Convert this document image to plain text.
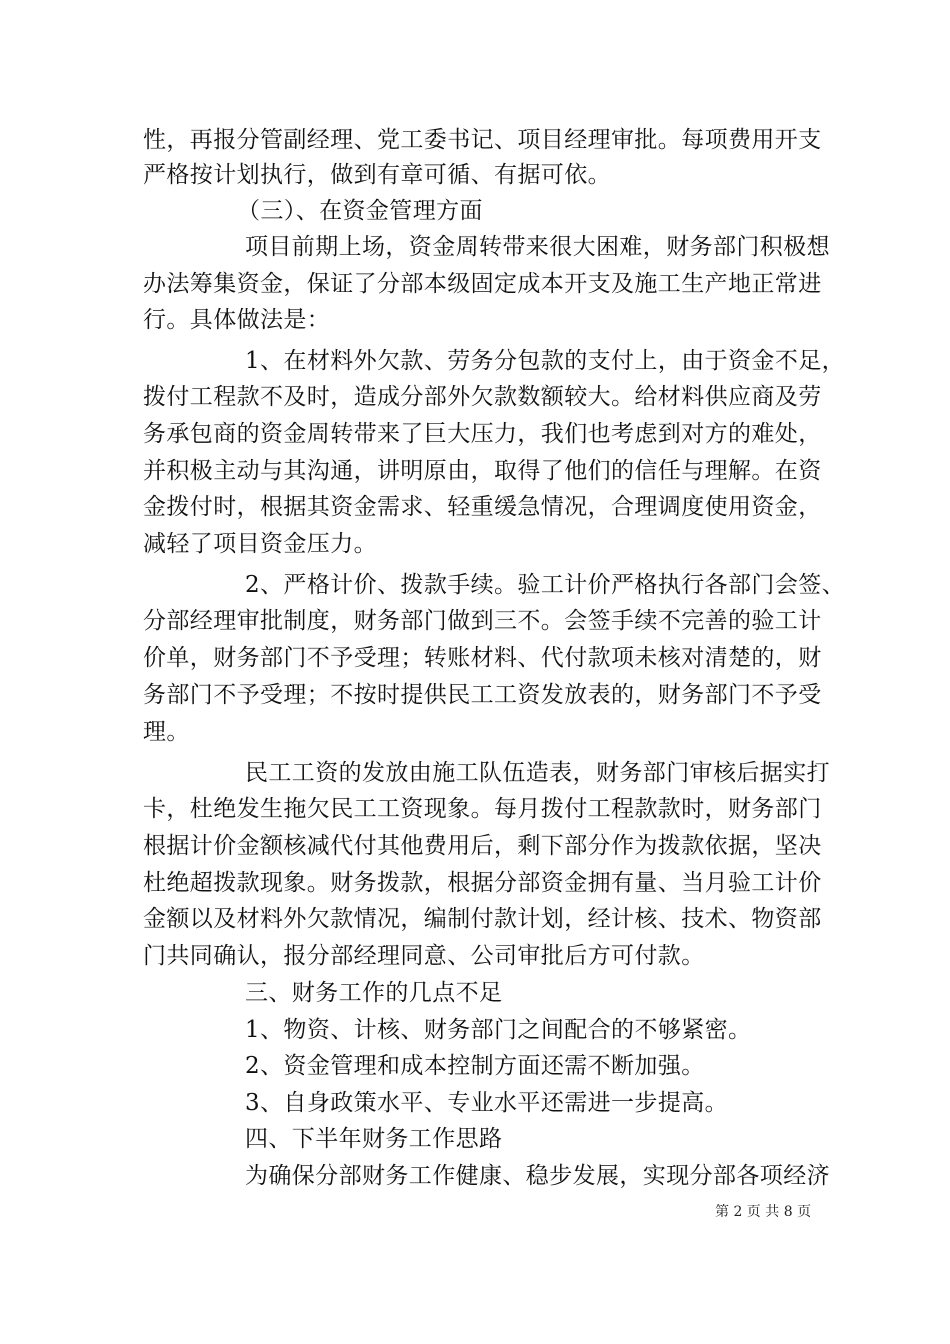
性，再报分管副经理、党工委书记、项目经理审批。每项费用开支
严格按计划执行，做到有章可循、有据可依。
（三）、在资金管理方面
项目前期上场，资金周转带来很大困难，财务部门积极想
办法筹集资金，保证了分部本级固定成本开支及施工生产地正常进
行。具体做法是：
1、在材料外欠款、劳务分包款的支付上，由于资金不足，
拨付工程款不及时，造成分部外欠款数额较大。给材料供应商及劳
务承包商的资金周转带来了巨大压力，我们也考虑到对方的难处，
并积极主动与其沟通，讲明原由，取得了他们的信任与理解。在资
金拨付时，根据其资金需求、轻重缓急情况，合理调度使用资金，
减轻了项目资金压力。
2、严格计价、拨款手续。验工计价严格执行各部门会签、
分部经理审批制度，财务部门做到三不。会签手续不完善的验工计
价单，财务部门不予受理；转账材料、代付款项未核对清楚的，财
务部门不予受理；不按时提供民工工资发放表的，财务部门不予受
理。
民工工资的发放由施工队伍造表，财务部门审核后据实打
卡，杜绝发生拖欠民工工资现象。每月拨付工程款款时，财务部门
根据计价金额核减代付其他费用后，剩下部分作为拨款依据，坚决
杜绝超拨款现象。财务拨款，根据分部资金拥有量、当月验工计价
金额以及材料外欠款情况，编制付款计划，经计核、技术、物资部
门共同确认，报分部经理同意、公司审批后方可付款。
三、财务工作的几点不足
1、物资、计核、财务部门之间配合的不够紧密。
2、资金管理和成本控制方面还需不断加强。
3、自身政策水平、专业水平还需进一步提高。
四、下半年财务工作思路
为确保分部财务工作健康、稳步发展，实现分部各项经济
第 2 页 共 8 页
